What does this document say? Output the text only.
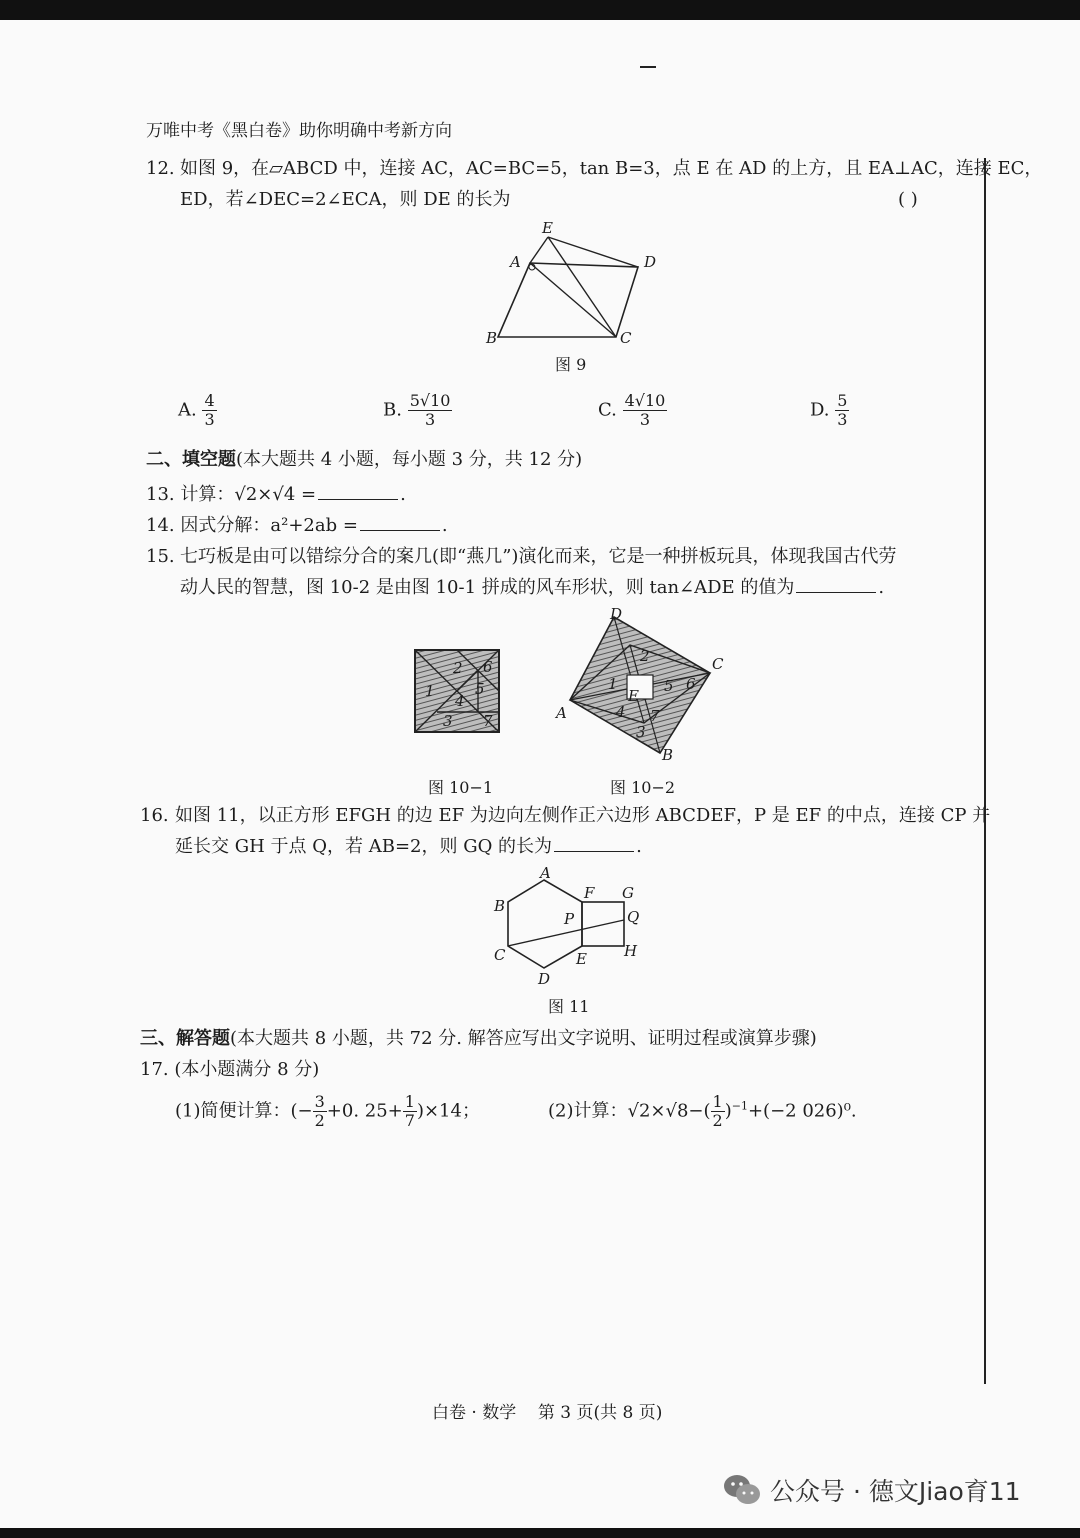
万唯中考《黑白卷》助你明确中考新方向
12. 如图 9，在▱ABCD 中，连接 AC，AC=BC=5，tan B=3，点 E 在 AD 的上方，且 EA⊥AC，连接 EC，
ED，若∠DEC=2∠ECA，则 DE 的长为	( )
E
A	D
B	C
图 9
A. $\frac{4}{3}$	B. $\frac{5√10}{3}$	C. $\frac{4√10}{3}$	D. $\frac{5}{3}$
二、填空题(本大题共 4 小题，每小题 3 分，共 12 分)
13. 计算：√2×√4 =	.
14. 因式分解：a²+2ab =	.
15. 七巧板是由可以错综分合的案几(即“燕几”)演化而来，它是一种拼板玩具，体现我国古代劳
动人民的智慧，图 10-2 是由图 10-1 拼成的风车形状，则 tan∠ADE 的值为	.
1
2
3
4
5
6
7
D
C
A
B
E
1
2
4
5 6
7
3
图 10−1	图 10−2
16. 如图 11，以正方形 EFGH 的边 EF 为边向左侧作正六边形 ABCDEF，P 是 EF 的中点，连接 CP 并
延长交 GH 于点 Q，若 AB=2，则 GQ 的长为	.
A
B
C
D
E
F G
H
P	Q
图 11
三、解答题(本大题共 8 小题，共 72 分. 解答应写出文字说明、证明过程或演算步骤)
17. (本小题满分 8 分)
(1)简便计算：(− $\frac{3}{2} +0$. $25+ \frac{1}{7} )\times 14$；	(2)计算：$√2\times√8-( \frac{1}{2} )^{-1}+(-2$ 026)⁰.
白卷 · 数学    第 3 页(共 8 页)
公众号 · 德文Jiao育11
